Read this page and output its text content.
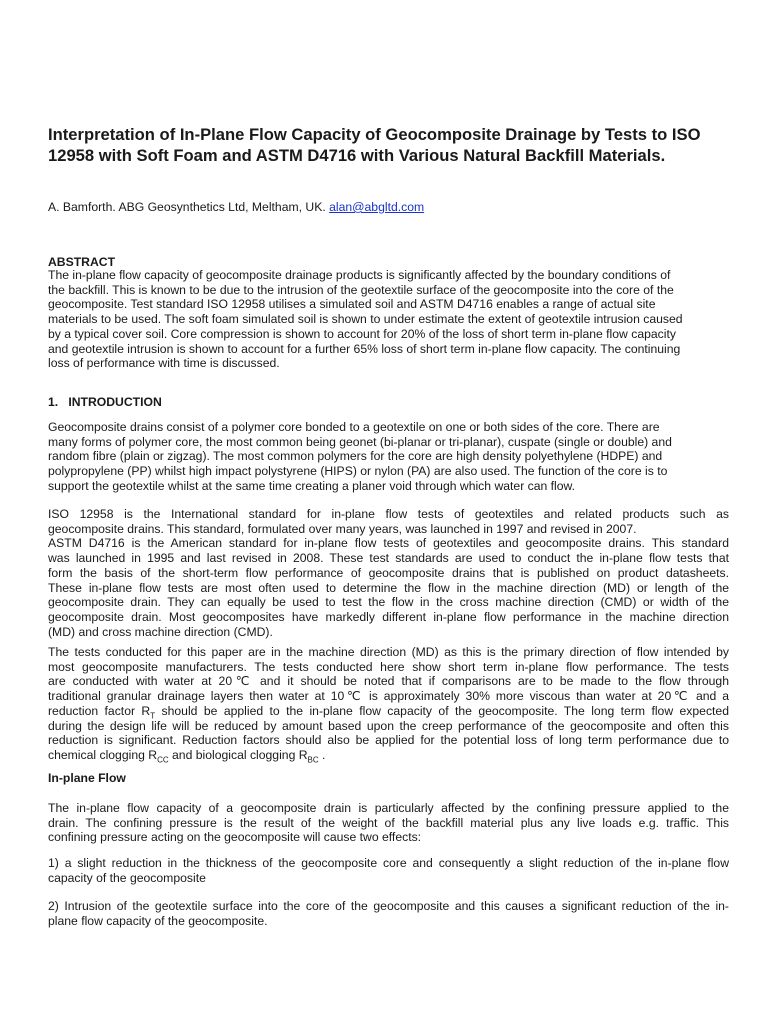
Interpretation of In-Plane Flow Capacity of Geocomposite Drainage by Tests to ISO 12958 with Soft Foam and ASTM D4716 with Various Natural Backfill Materials.

A. Bamforth. ABG Geosynthetics Ltd, Meltham, UK. alan@abgltd.com

ABSTRACT

The in-plane flow capacity of geocomposite drainage products is significantly affected by the boundary conditions of
the backfill. This is known to be due to the intrusion of the geotextile surface of the geocomposite into the core of the
geocomposite. Test standard ISO 12958 utilises a simulated soil and ASTM D4716 enables a range of actual site
materials to be used. The soft foam simulated soil is shown to under estimate the extent of geotextile intrusion caused
by a typical cover soil. Core compression is shown to account for 20% of the loss of short term in-plane flow capacity
and geotextile intrusion is shown to account for a further 65% loss of short term in-plane flow capacity. The continuing
loss of performance with time is discussed.

1.   INTRODUCTION

Geocomposite drains consist of a polymer core bonded to a geotextile on one or both sides of the core. There are
many forms of polymer core, the most common being geonet (bi-planar or tri-planar), cuspate (single or double) and
random fibre (plain or zigzag). The most common polymers for the core are high density polyethylene (HDPE) and
polypropylene (PP) whilst high impact polystyrene (HIPS) or nylon (PA) are also used. The function of the core is to
support the geotextile whilst at the same time creating a planer void through which water can flow.

ISO 12958 is the International standard for in-plane flow tests of geotextiles and related products such as
geocomposite drains. This standard, formulated over many years, was launched in 1997 and revised in 2007.
ASTM D4716 is the American standard for in-plane flow tests of geotextiles and geocomposite drains. This standard
was launched in 1995 and last revised in 2008. These test standards are used to conduct the in-plane flow tests that
form the basis of the short-term flow performance of geocomposite drains that is published on product datasheets.
These in-plane flow tests are most often used to determine the flow in the machine direction (MD) or length of the
geocomposite drain. They can equally be used to test the flow in the cross machine direction (CMD) or width of the
geocomposite drain. Most geocomposites have markedly different in-plane flow performance in the machine direction
(MD) and cross machine direction (CMD).

The tests conducted for this paper are in the machine direction (MD) as this is the primary direction of flow intended by
most geocomposite manufacturers. The tests conducted here show short term in-plane flow performance. The tests
are conducted with water at 20℃ and it should be noted that if comparisons are to be made to the flow through
traditional granular drainage layers then water at 10℃ is approximately 30% more viscous than water at 20℃ and a
reduction factor $R_T$ should be applied to the in-plane flow capacity of the geocomposite. The long term flow expected
during the design life will be reduced by amount based upon the creep performance of the geocomposite and often this
reduction is significant. Reduction factors should also be applied for the potential loss of long term performance due to
chemical clogging $R_{CC}$ and biological clogging $R_{BC}$ .

In-plane Flow

The in-plane flow capacity of a geocomposite drain is particularly affected by the confining pressure applied to the
drain. The confining pressure is the result of the weight of the backfill material plus any live loads e.g. traffic. This
confining pressure acting on the geocomposite will cause two effects:

1) a slight reduction in the thickness of the geocomposite core and consequently a slight reduction of the in-plane flow
capacity of the geocomposite

2) Intrusion of the geotextile surface into the core of the geocomposite and this causes a significant reduction of the in-
plane flow capacity of the geocomposite.
